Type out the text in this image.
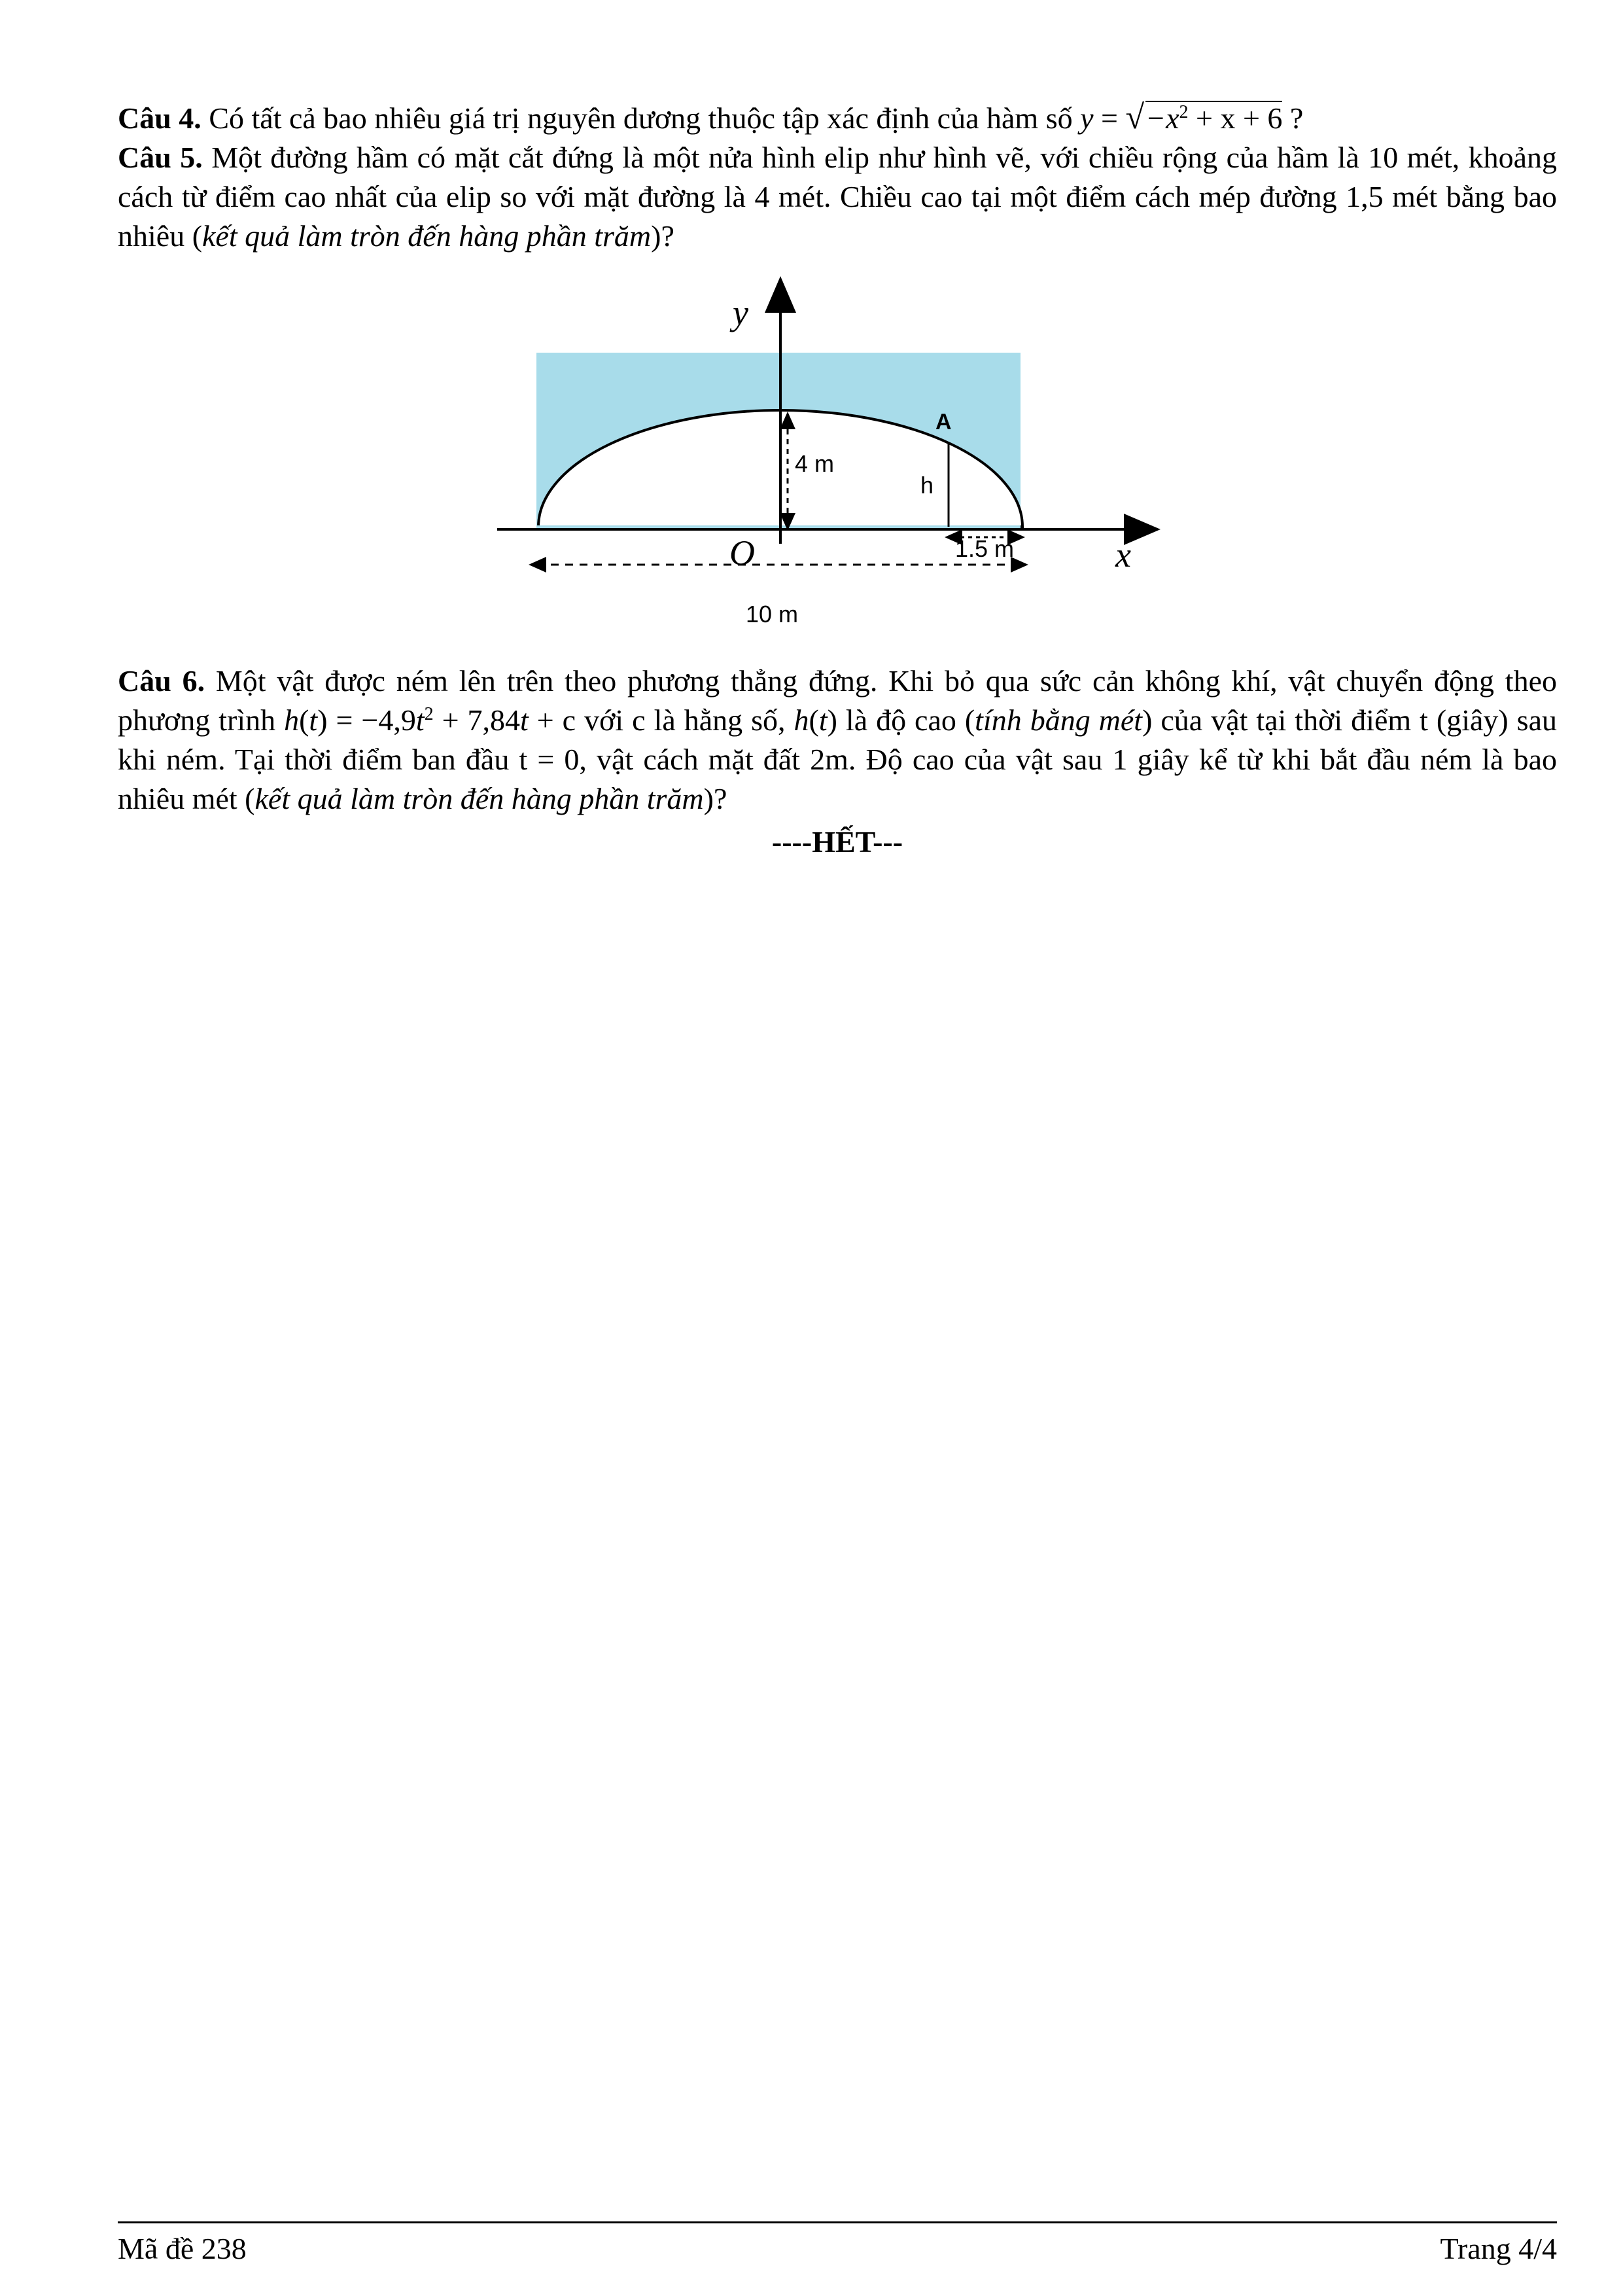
Câu 4. Có tất cả bao nhiêu giá trị nguyên dương thuộc tập xác định của hàm số $y = √-x^2 + x + 6$ ?

Câu 5. Một đường hầm có mặt cắt đứng là một nửa hình elip như hình vẽ, với chiều rộng của hầm là 10 mét, khoảng cách từ điểm cao nhất của elip so với mặt đường là 4 mét. Chiều cao tại một điểm cách mép đường 1,5 mét bằng bao nhiêu (kết quả làm tròn đến hàng phần trăm)?

y
x
O
A
4 m
h
1.5 m
10 m

Câu 6. Một vật được ném lên trên theo phương thẳng đứng. Khi bỏ qua sức cản không khí, vật chuyển động theo phương trình $h(t) = -4,9t^2 + 7,84t + c$ với c là hằng số, h(t) là độ cao (tính bằng mét) của vật tại thời điểm t (giây) sau khi ném. Tại thời điểm ban đầu t = 0, vật cách mặt đất 2m. Độ cao của vật sau 1 giây kể từ khi bắt đầu ném là bao nhiêu mét (kết quả làm tròn đến hàng phần trăm)?

----HẾT---
Mã đề 238	Trang 4/4
